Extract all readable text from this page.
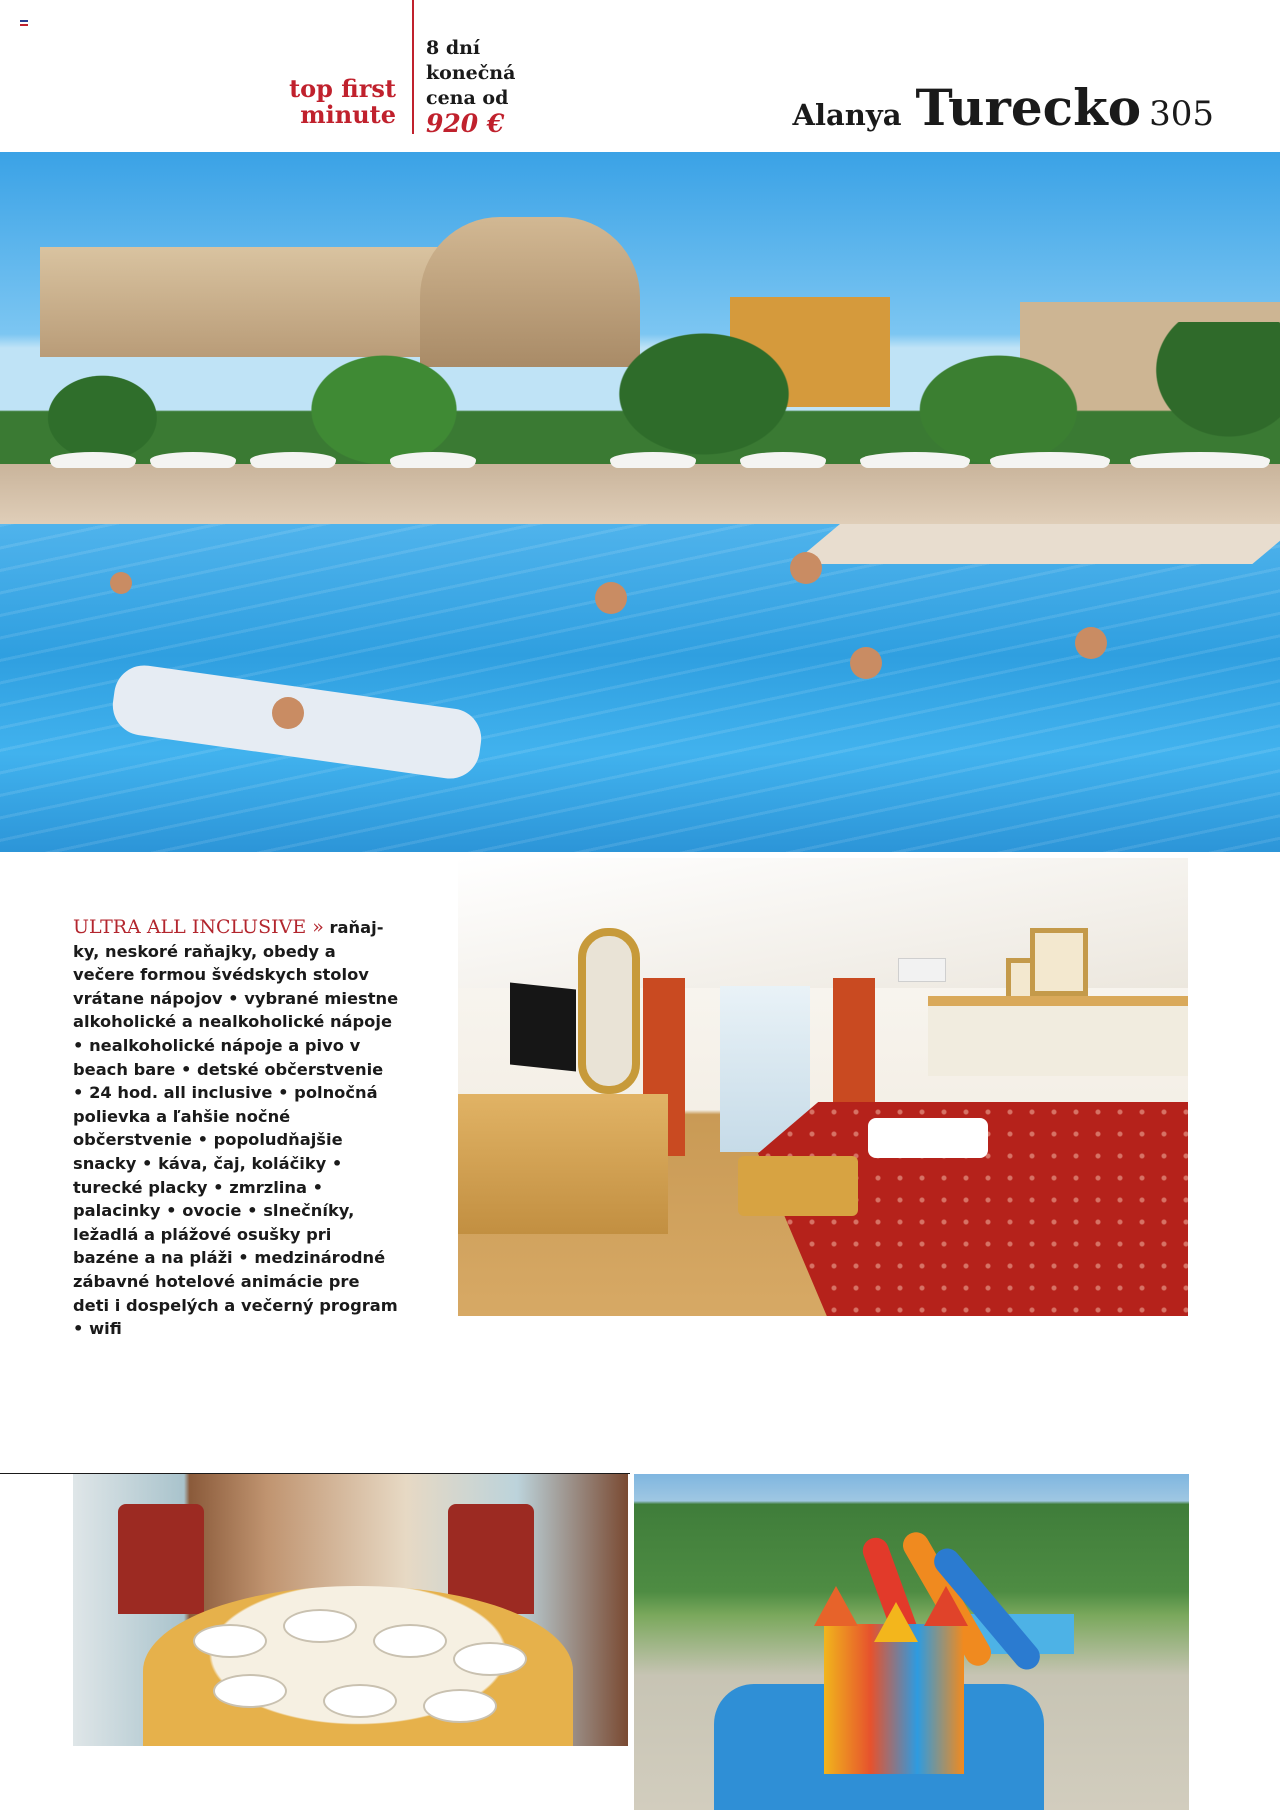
top first
minute
8 dní
konečná
cena od
920 €	Alanya Turecko 305
ULTRA ALL INCLUSIVE » raňaj-ky, neskoré raňajky, obedy a večere formou švédskych stolov vrátane nápojov • vybrané miestne alkoholické a nealkoholické nápoje • nealkoholické nápoje a pivo v beach bare • detské občerstvenie • 24 hod. all inclusive • polnočná polievka a ľahšie nočné občerstvenie • popoludňajšie snacky • káva, čaj, koláčiky • turecké placky • zmrzlina • palacinky • ovocie • slnečníky, ležadlá a plážové osušky pri bazéne a na pláži • medzinárodné zábavné hotelové animácie pre deti i dospelých a večerný program • wifi
